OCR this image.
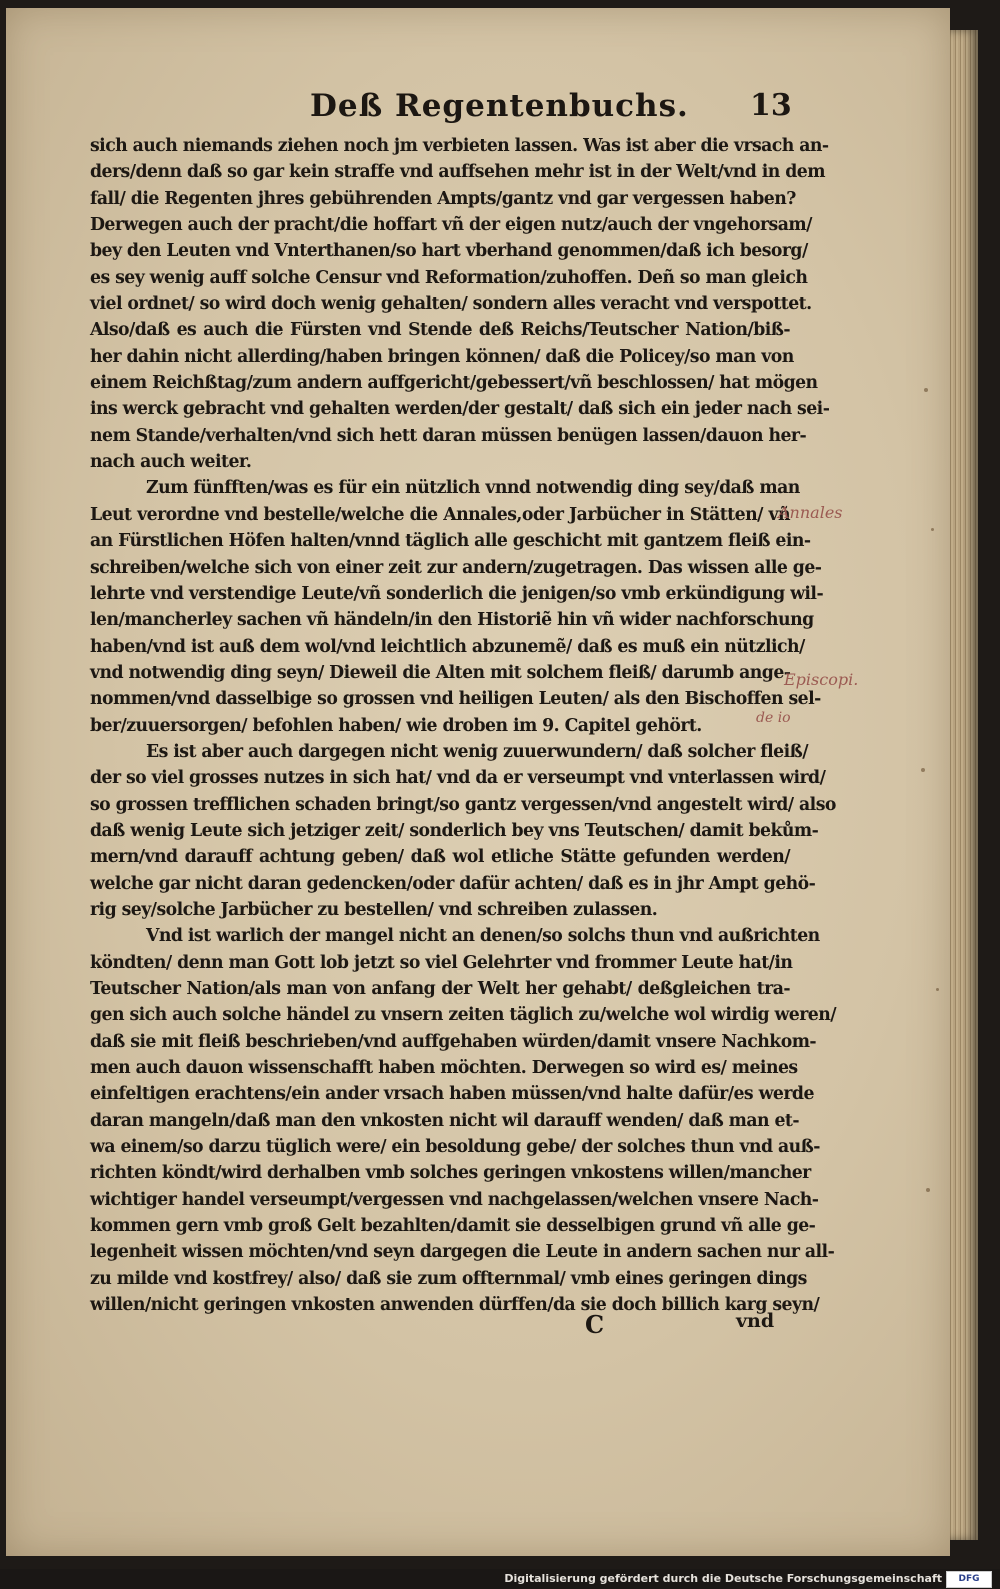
Deß Regentenbuchs. 13
sich auch niemands ziehen noch jm verbieten lassen. Was ist aber die vrsach an-
ders/denn daß so gar kein straffe vnd auffsehen mehr ist in der Welt/vnd in dem
fall/ die Regenten jhres gebührenden Ampts/gantz vnd gar vergessen haben?
Derwegen auch der pracht/die hoffart vñ der eigen nutz/auch der vngehorsam/
bey den Leuten vnd Vnterthanen/so hart vberhand genommen/daß ich besorg/
es sey wenig auff solche Censur vnd Reformation/zuhoffen. Deñ so man gleich
viel ordnet/ so wird doch wenig gehalten/ sondern alles veracht vnd verspottet.
Also/daß es auch die Fürsten vnd Stende deß Reichs/Teutscher Nation/biß-
her dahin nicht allerding/haben bringen können/ daß die Policey/so man von
einem Reichßtag/zum andern auffgericht/gebessert/vñ beschlossen/ hat mögen
ins werck gebracht vnd gehalten werden/der gestalt/ daß sich ein jeder nach sei-
nem Stande/verhalten/vnd sich hett daran müssen benügen lassen/dauon her-
nach auch weiter.
Zum fünfften/was es für ein nützlich vnnd notwendig ding sey/daß man
Leut verordne vnd bestelle/welche die Annales,oder Jarbücher in Stätten/ vñ
an Fürstlichen Höfen halten/vnnd täglich alle geschicht mit gantzem fleiß ein-
schreiben/welche sich von einer zeit zur andern/zugetragen. Das wissen alle ge-
lehrte vnd verstendige Leute/vñ sonderlich die jenigen/so vmb erkündigung wil-
len/mancherley sachen vñ händeln/in den Historiẽ hin vñ wider nachforschung
haben/vnd ist auß dem wol/vnd leichtlich abzunemẽ/ daß es muß ein nützlich/
vnd notwendig ding seyn/ Dieweil die Alten mit solchem fleiß/ darumb ange-
nommen/vnd dasselbige so grossen vnd heiligen Leuten/ als den Bischoffen sel-
ber/zuuersorgen/ befohlen haben/ wie droben im 9. Capitel gehört.
Es ist aber auch dargegen nicht wenig zuuerwundern/ daß solcher fleiß/
der so viel grosses nutzes in sich hat/ vnd da er verseumpt vnd vnterlassen wird/
so grossen trefflichen schaden bringt/so gantz vergessen/vnd angestelt wird/ also
daß wenig Leute sich jetziger zeit/ sonderlich bey vns Teutschen/ damit bekům-
mern/vnd darauff achtung geben/ daß wol etliche Stätte gefunden werden/
welche gar nicht daran gedencken/oder dafür achten/ daß es in jhr Ampt gehö-
rig sey/solche Jarbücher zu bestellen/ vnd schreiben zulassen.
Vnd ist warlich der mangel nicht an denen/so solchs thun vnd außrichten
köndten/ denn man Gott lob jetzt so viel Gelehrter vnd frommer Leute hat/in
Teutscher Nation/als man von anfang der Welt her gehabt/ deßgleichen tra-
gen sich auch solche händel zu vnsern zeiten täglich zu/welche wol wirdig weren/
daß sie mit fleiß beschrieben/vnd auffgehaben würden/damit vnsere Nachkom-
men auch dauon wissenschafft haben möchten. Derwegen so wird es/ meines
einfeltigen erachtens/ein ander vrsach haben müssen/vnd halte dafür/es werde
daran mangeln/daß man den vnkosten nicht wil darauff wenden/ daß man et-
wa einem/so darzu tüglich were/ ein besoldung gebe/ der solches thun vnd auß-
richten köndt/wird derhalben vmb solches geringen vnkostens willen/mancher
wichtiger handel verseumpt/vergessen vnd nachgelassen/welchen vnsere Nach-
kommen gern vmb groß Gelt bezahlten/damit sie desselbigen grund vñ alle ge-
legenheit wissen möchten/vnd seyn dargegen die Leute in andern sachen nur all-
zu milde vnd kostfrey/ also/ daß sie zum offternmal/ vmb eines geringen dings
willen/nicht geringen vnkosten anwenden dürffen/da sie doch billich karg seyn/
Annales
Episcopi.
de io
C	vnd
Digitalisierung gefördert durch die Deutsche Forschungsgemeinschaft	DFG
